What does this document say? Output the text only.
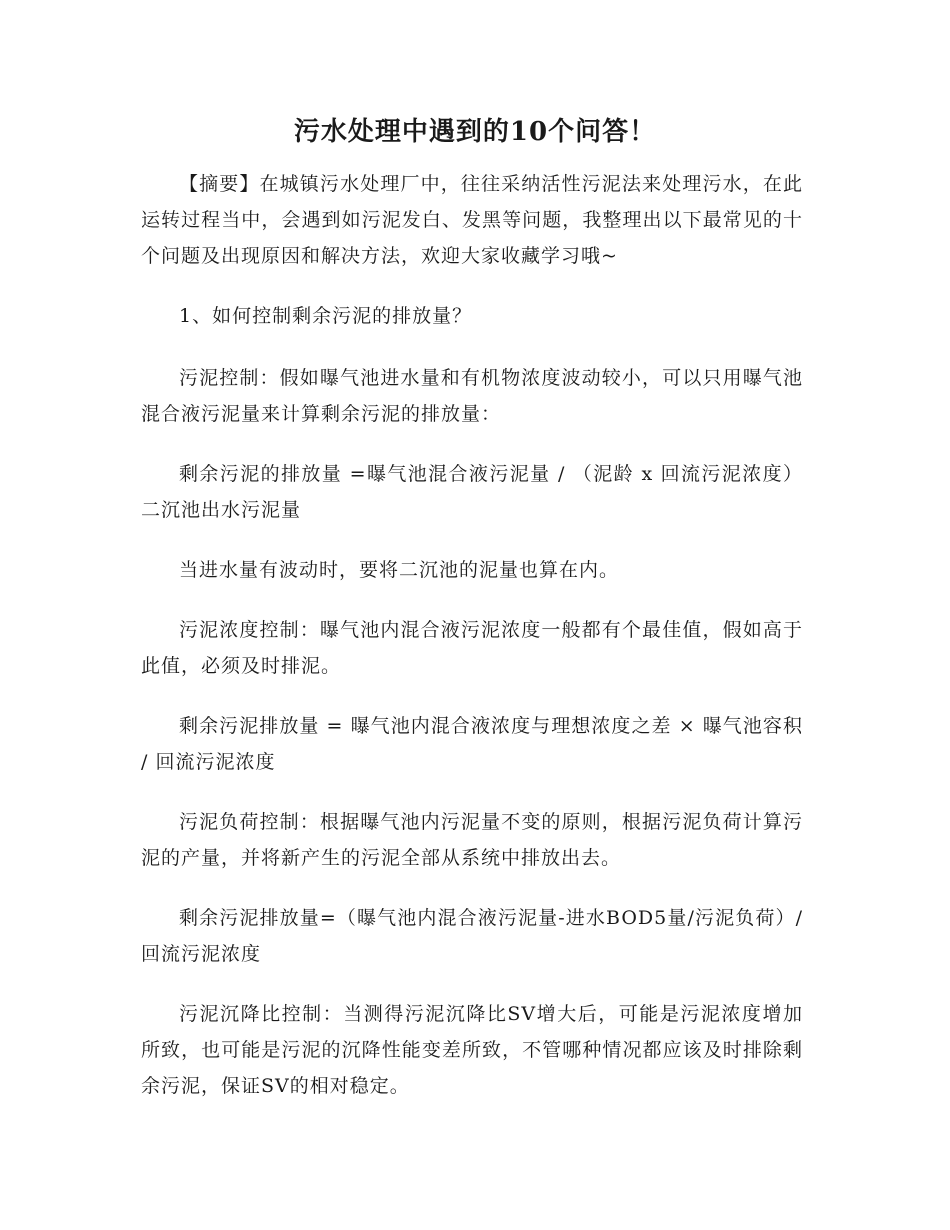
污水处理中遇到的10个问答！

【摘要】在城镇污水处理厂中，往往采纳活性污泥法来处理污水，在此运转过程当中，会遇到如污泥发白、发黑等问题，我整理出以下最常见的十个问题及出现原因和解决方法，欢迎大家收藏学习哦~

1、如何控制剩余污泥的排放量？

污泥控制：假如曝气池进水量和有机物浓度波动较小，可以只用曝气池混合液污泥量来计算剩余污泥的排放量：

剩余污泥的排放量 =曝气池混合液污泥量 / （泥龄 x 回流污泥浓度） 二沉池出水污泥量

当进水量有波动时，要将二沉池的泥量也算在内。

污泥浓度控制：曝气池内混合液污泥浓度一般都有个最佳值，假如高于此值，必须及时排泥。

剩余污泥排放量 = 曝气池内混合液浓度与理想浓度之差 × 曝气池容积 / 回流污泥浓度

污泥负荷控制：根据曝气池内污泥量不变的原则，根据污泥负荷计算污泥的产量，并将新产生的污泥全部从系统中排放出去。

剩余污泥排放量=（曝气池内混合液污泥量-进水BOD5量/污泥负荷）/回流污泥浓度

污泥沉降比控制：当测得污泥沉降比SV增大后，可能是污泥浓度增加所致，也可能是污泥的沉降性能变差所致，不管哪种情况都应该及时排除剩余污泥，保证SV的相对稳定。
